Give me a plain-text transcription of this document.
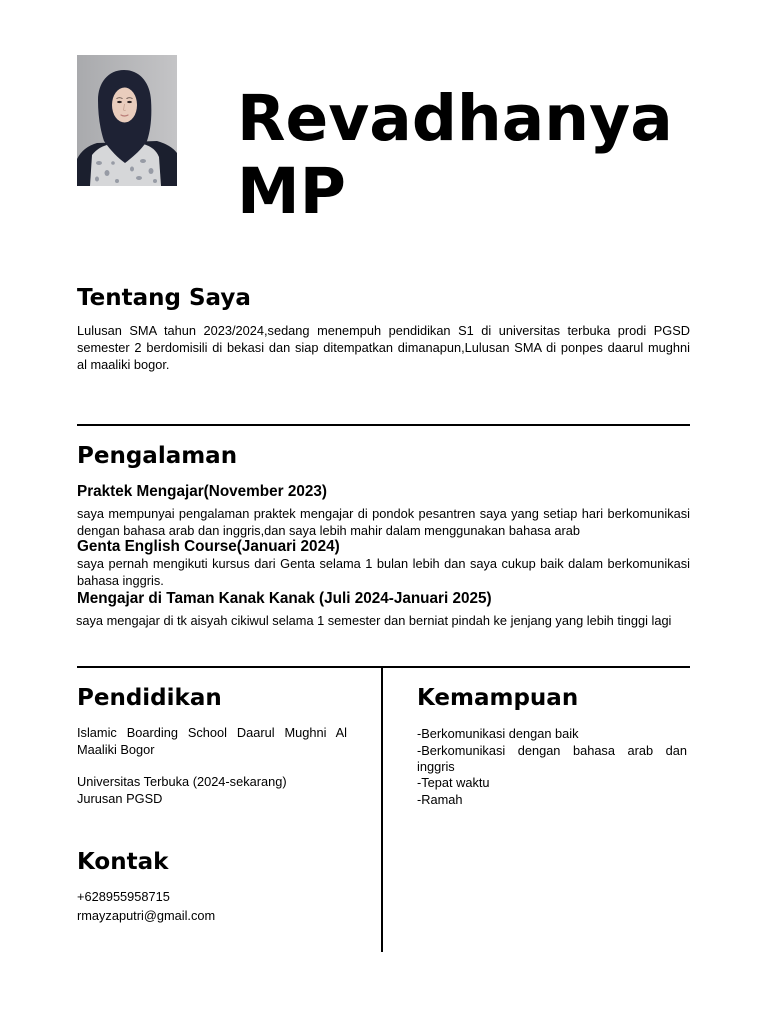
Revadhanya
MP
Tentang Saya
Lulusan SMA tahun 2023/2024,sedang menempuh pendidikan S1 di universitas terbuka prodi PGSD
semester 2 berdomisili di bekasi dan siap ditempatkan dimanapun,Lulusan SMA di ponpes daarul mughni
al maaliki bogor.
Pengalaman
Praktek Mengajar(November 2023)
saya mempunyai pengalaman praktek mengajar di pondok pesantren saya yang setiap hari berkomunikasi
dengan bahasa arab dan inggris,dan saya lebih mahir dalam menggunakan bahasa arab
Genta English Course(Januari 2024)
saya pernah mengikuti kursus dari Genta selama 1 bulan lebih dan saya cukup baik dalam berkomunikasi
bahasa inggris.
Mengajar di Taman Kanak Kanak (Juli 2024-Januari 2025)
saya mengajar di tk aisyah cikiwul selama 1 semester dan berniat pindah ke jenjang yang lebih tinggi lagi
Pendidikan
Islamic Boarding School Daarul Mughni Al Maaliki Bogor
Universitas Terbuka (2024-sekarang)
Jurusan PGSD
Kemampuan
-Berkomunikasi dengan baik
-Berkomunikasi dengan bahasa arab dan inggris
-Tepat waktu
-Ramah
Kontak
+628955958715
rmayzaputri@gmail.com
